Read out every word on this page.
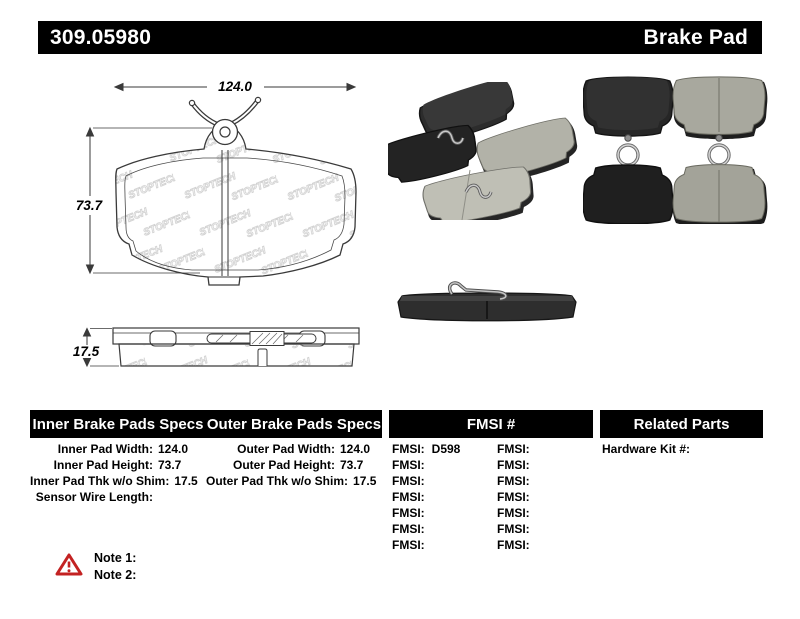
309.05980	Brake Pad
124.0
73.7
17.5
Inner Brake Pads Specs Outer Brake Pads Specs	FMSI #	Related Parts
Inner Pad Width: 124.0
Inner Pad Height: 73.7
Inner Pad Thk w/o Shim: 17.5
Sensor Wire Length:
Outer Pad Width: 124.0
Outer Pad Height: 73.7
Outer Pad Thk w/o Shim: 17.5
FMSI: D598
FMSI:
FMSI:
FMSI:
FMSI:
FMSI:
FMSI:
FMSI:
FMSI:
FMSI:
FMSI:
FMSI:
FMSI:
FMSI:
Hardware Kit #:
Note 1:
Note 2:
